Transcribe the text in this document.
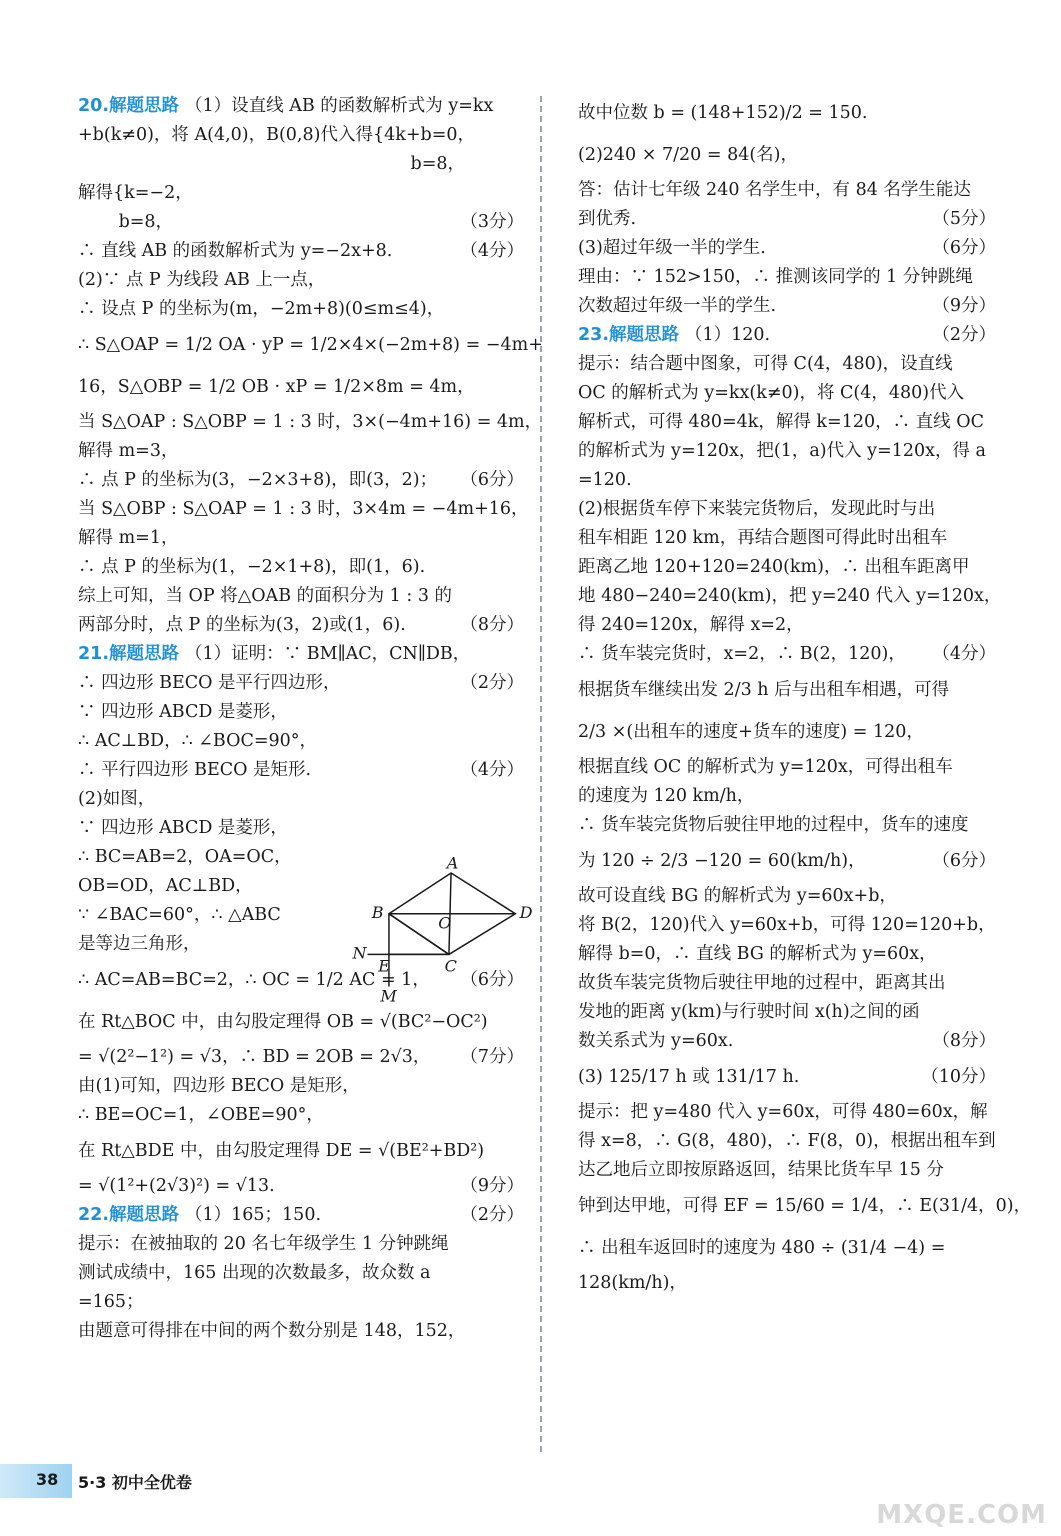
20.解题思路 （1）设直线 AB 的函数解析式为 y=kx
+b(k≠0)，将 A(4,0)，B(0,8)代入得{4k+b=0，
　　　　　　　　　　　　　　　　　　　b=8，
解得{k=−2，
　　 b=8，	（3分）
∴ 直线 AB 的函数解析式为 y=−2x+8.	（4分）
(2)∵ 点 P 为线段 AB 上一点，
∴ 设点 P 的坐标为(m，−2m+8)(0≤m≤4)，
∴ S△OAP = 1/2 OA · yP = 1/2×4×(−2m+8) = −4m+
16，S△OBP = 1/2 OB · xP = 1/2×8m = 4m，
当 S△OAP : S△OBP = 1 : 3 时，3×(−4m+16) = 4m，
解得 m=3，
∴ 点 P 的坐标为(3，−2×3+8)，即(3，2)； （6分）
当 S△OBP : S△OAP = 1 : 3 时，3×4m = −4m+16，
解得 m=1，
∴ 点 P 的坐标为(1，−2×1+8)，即(1，6).
综上可知，当 OP 将△OAB 的面积分为 1 : 3 的
两部分时，点 P 的坐标为(3，2)或(1，6).	（8分）
21.解题思路 （1）证明：∵ BM∥AC，CN∥DB，
∴ 四边形 BECO 是平行四边形，	（2分）
∵ 四边形 ABCD 是菱形，
∴ AC⊥BD，∴ ∠BOC=90°，
∴ 平行四边形 BECO 是矩形.	（4分）
(2)如图，
∵ 四边形 ABCD 是菱形，
∴ BC=AB=2，OA=OC，
OB=OD，AC⊥BD，
∵ ∠BAC=60°，∴ △ABC
是等边三角形，
∴ AC=AB=BC=2，∴ OC = 1/2 AC = 1， （6分）
在 Rt△BOC 中，由勾股定理得 OB = √(BC²−OC²)
= √(2²−1²) = √3，∴ BD = 2OB = 2√3， （7分）
由(1)可知，四边形 BECO 是矩形，
∴ BE=OC=1，∠OBE=90°，
在 Rt△BDE 中，由勾股定理得 DE = √(BE²+BD²)
= √(1²+(2√3)²) = √13.	（9分）
22.解题思路 （1）165；150.	（2分）
提示：在被抽取的 20 名七年级学生 1 分钟跳绳
测试成绩中，165 出现的次数最多，故众数 a
=165；
由题意可得排在中间的两个数分别是 148，152，
故中位数 b = (148+152)/2 = 150.
(2)240 × 7/20 = 84(名)，
答：估计七年级 240 名学生中，有 84 名学生能达
到优秀.	（5分）
(3)超过年级一半的学生.	（6分）
理由：∵ 152>150，∴ 推测该同学的 1 分钟跳绳
次数超过年级一半的学生.	（9分）
23.解题思路 （1）120.	（2分）
提示：结合题中图象，可得 C(4，480)，设直线
OC 的解析式为 y=kx(k≠0)，将 C(4，480)代入
解析式，可得 480=4k，解得 k=120，∴ 直线 OC
的解析式为 y=120x，把(1，a)代入 y=120x，得 a
=120.
(2)根据货车停下来装完货物后，发现此时与出
租车相距 120 km，再结合题图可得此时出租车
距离乙地 120+120=240(km)，∴ 出租车距离甲
地 480−240=240(km)，把 y=240 代入 y=120x，
得 240=120x，解得 x=2，
∴ 货车装完货时，x=2，∴ B(2，120)， （4分）
根据货车继续出发 2/3 h 后与出租车相遇，可得
2/3 ×(出租车的速度+货车的速度) = 120，
根据直线 OC 的解析式为 y=120x，可得出租车
的速度为 120 km/h，
∴ 货车装完货物后驶往甲地的过程中，货车的速度
为 120 ÷ 2/3 −120 = 60(km/h)，	（6分）
故可设直线 BG 的解析式为 y=60x+b，
将 B(2，120)代入 y=60x+b，可得 120=120+b，
解得 b=0，∴ 直线 BG 的解析式为 y=60x，
故货车装完货物后驶往甲地的过程中，距离其出
发地的距离 y(km)与行驶时间 x(h)之间的函
数关系式为 y=60x.	（8分）
(3) 125/17 h 或 131/17 h.	（10分）
提示：把 y=480 代入 y=60x，可得 480=60x，解
得 x=8，∴ G(8，480)，∴ F(8，0)，根据出租车到
达乙地后立即按原路返回，结果比货车早 15 分
钟到达甲地，可得 EF = 15/60 = 1/4，∴ E(31/4，0)，
∴ 出租车返回时的速度为 480 ÷ (31/4 −4) =
128(km/h)，
A
B
O
D
N
E	C
M
38 5·3 初中全优卷
MXQE.COM
